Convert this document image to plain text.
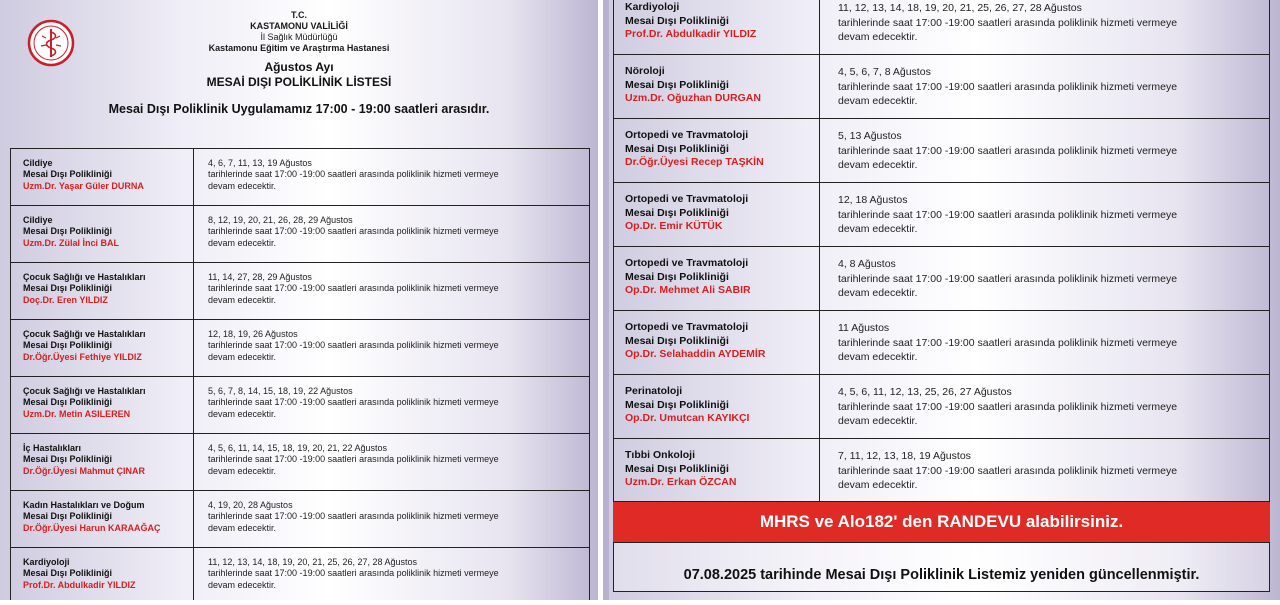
T.C.
KASTAMONU VALİLİĞİ
İl Sağlık Müdürlüğü
Kastamonu Eğitim ve Araştırma Hastanesi
Ağustos Ayı
MESAİ DIŞI POLİKLİNİK LİSTESİ
Mesai Dışı Poliklinik Uygulamamız 17:00 - 19:00 saatleri arasıdır.
Cildiye
Mesai Dışı Polikliniği
Uzm.Dr. Yaşar Güler DURNA
4, 6, 7, 11, 13, 19 Ağustos
tarihlerinde saat 17:00 -19:00 saatleri arasında poliklinik hizmeti vermeye
devam edecektir.
Cildiye
Mesai Dışı Polikliniği
Uzm.Dr. Zülal İnci BAL
8, 12, 19, 20, 21, 26, 28, 29 Ağustos
tarihlerinde saat 17:00 -19:00 saatleri arasında poliklinik hizmeti vermeye
devam edecektir.
Çocuk Sağlığı ve Hastalıkları
Mesai Dışı Polikliniği
Doç.Dr. Eren YILDIZ
11, 14, 27, 28, 29 Ağustos
tarihlerinde saat 17:00 -19:00 saatleri arasında poliklinik hizmeti vermeye
devam edecektir.
Çocuk Sağlığı ve Hastalıkları
Mesai Dışı Polikliniği
Dr.Öğr.Üyesi Fethiye YILDIZ
12, 18, 19, 26 Ağustos
tarihlerinde saat 17:00 -19:00 saatleri arasında poliklinik hizmeti vermeye
devam edecektir.
Çocuk Sağlığı ve Hastalıkları
Mesai Dışı Polikliniği
Uzm.Dr. Metin ASILEREN
5, 6, 7, 8, 14, 15, 18, 19, 22 Ağustos
tarihlerinde saat 17:00 -19:00 saatleri arasında poliklinik hizmeti vermeye
devam edecektir.
İç Hastalıkları
Mesai Dışı Polikliniği
Dr.Öğr.Üyesi Mahmut ÇINAR
4, 5, 6, 11, 14, 15, 18, 19, 20, 21, 22 Ağustos
tarihlerinde saat 17:00 -19:00 saatleri arasında poliklinik hizmeti vermeye
devam edecektir.
Kadın Hastalıkları ve Doğum
Mesai Dışı Polikliniği
Dr.Öğr.Üyesi Harun KARAAĞAÇ
4, 19, 20, 28 Ağustos
tarihlerinde saat 17:00 -19:00 saatleri arasında poliklinik hizmeti vermeye
devam edecektir.
Kardiyoloji
Mesai Dışı Polikliniği
Prof.Dr. Abdulkadir YILDIZ
11, 12, 13, 14, 18, 19, 20, 21, 25, 26, 27, 28 Ağustos
tarihlerinde saat 17:00 -19:00 saatleri arasında poliklinik hizmeti vermeye
devam edecektir.
Kardiyoloji
Mesai Dışı Polikliniği
Prof.Dr. Abdulkadir YILDIZ
11, 12, 13, 14, 18, 19, 20, 21, 25, 26, 27, 28 Ağustos
tarihlerinde saat 17:00 -19:00 saatleri arasında poliklinik hizmeti vermeye
devam edecektir.
Nöroloji
Mesai Dışı Polikliniği
Uzm.Dr. Oğuzhan DURGAN
4, 5, 6, 7, 8 Ağustos
tarihlerinde saat 17:00 -19:00 saatleri arasında poliklinik hizmeti vermeye
devam edecektir.
Ortopedi ve Travmatoloji
Mesai Dışı Polikliniği
Dr.Öğr.Üyesi Recep TAŞKİN
5, 13 Ağustos
tarihlerinde saat 17:00 -19:00 saatleri arasında poliklinik hizmeti vermeye
devam edecektir.
Ortopedi ve Travmatoloji
Mesai Dışı Polikliniği
Op.Dr. Emir KÜTÜK
12, 18 Ağustos
tarihlerinde saat 17:00 -19:00 saatleri arasında poliklinik hizmeti vermeye
devam edecektir.
Ortopedi ve Travmatoloji
Mesai Dışı Polikliniği
Op.Dr. Mehmet Ali SABIR
4, 8 Ağustos
tarihlerinde saat 17:00 -19:00 saatleri arasında poliklinik hizmeti vermeye
devam edecektir.
Ortopedi ve Travmatoloji
Mesai Dışı Polikliniği
Op.Dr. Selahaddin AYDEMİR
11 Ağustos
tarihlerinde saat 17:00 -19:00 saatleri arasında poliklinik hizmeti vermeye
devam edecektir.
Perinatoloji
Mesai Dışı Polikliniği
Op.Dr. Umutcan KAYIKÇI
4, 5, 6, 11, 12, 13, 25, 26, 27 Ağustos
tarihlerinde saat 17:00 -19:00 saatleri arasında poliklinik hizmeti vermeye
devam edecektir.
Tıbbi Onkoloji
Mesai Dışı Polikliniği
Uzm.Dr. Erkan ÖZCAN
7, 11, 12, 13, 18, 19 Ağustos
tarihlerinde saat 17:00 -19:00 saatleri arasında poliklinik hizmeti vermeye
devam edecektir.
MHRS ve Alo182' den RANDEVU alabilirsiniz.
07.08.2025 tarihinde Mesai Dışı Poliklinik Listemiz yeniden güncellenmiştir.
